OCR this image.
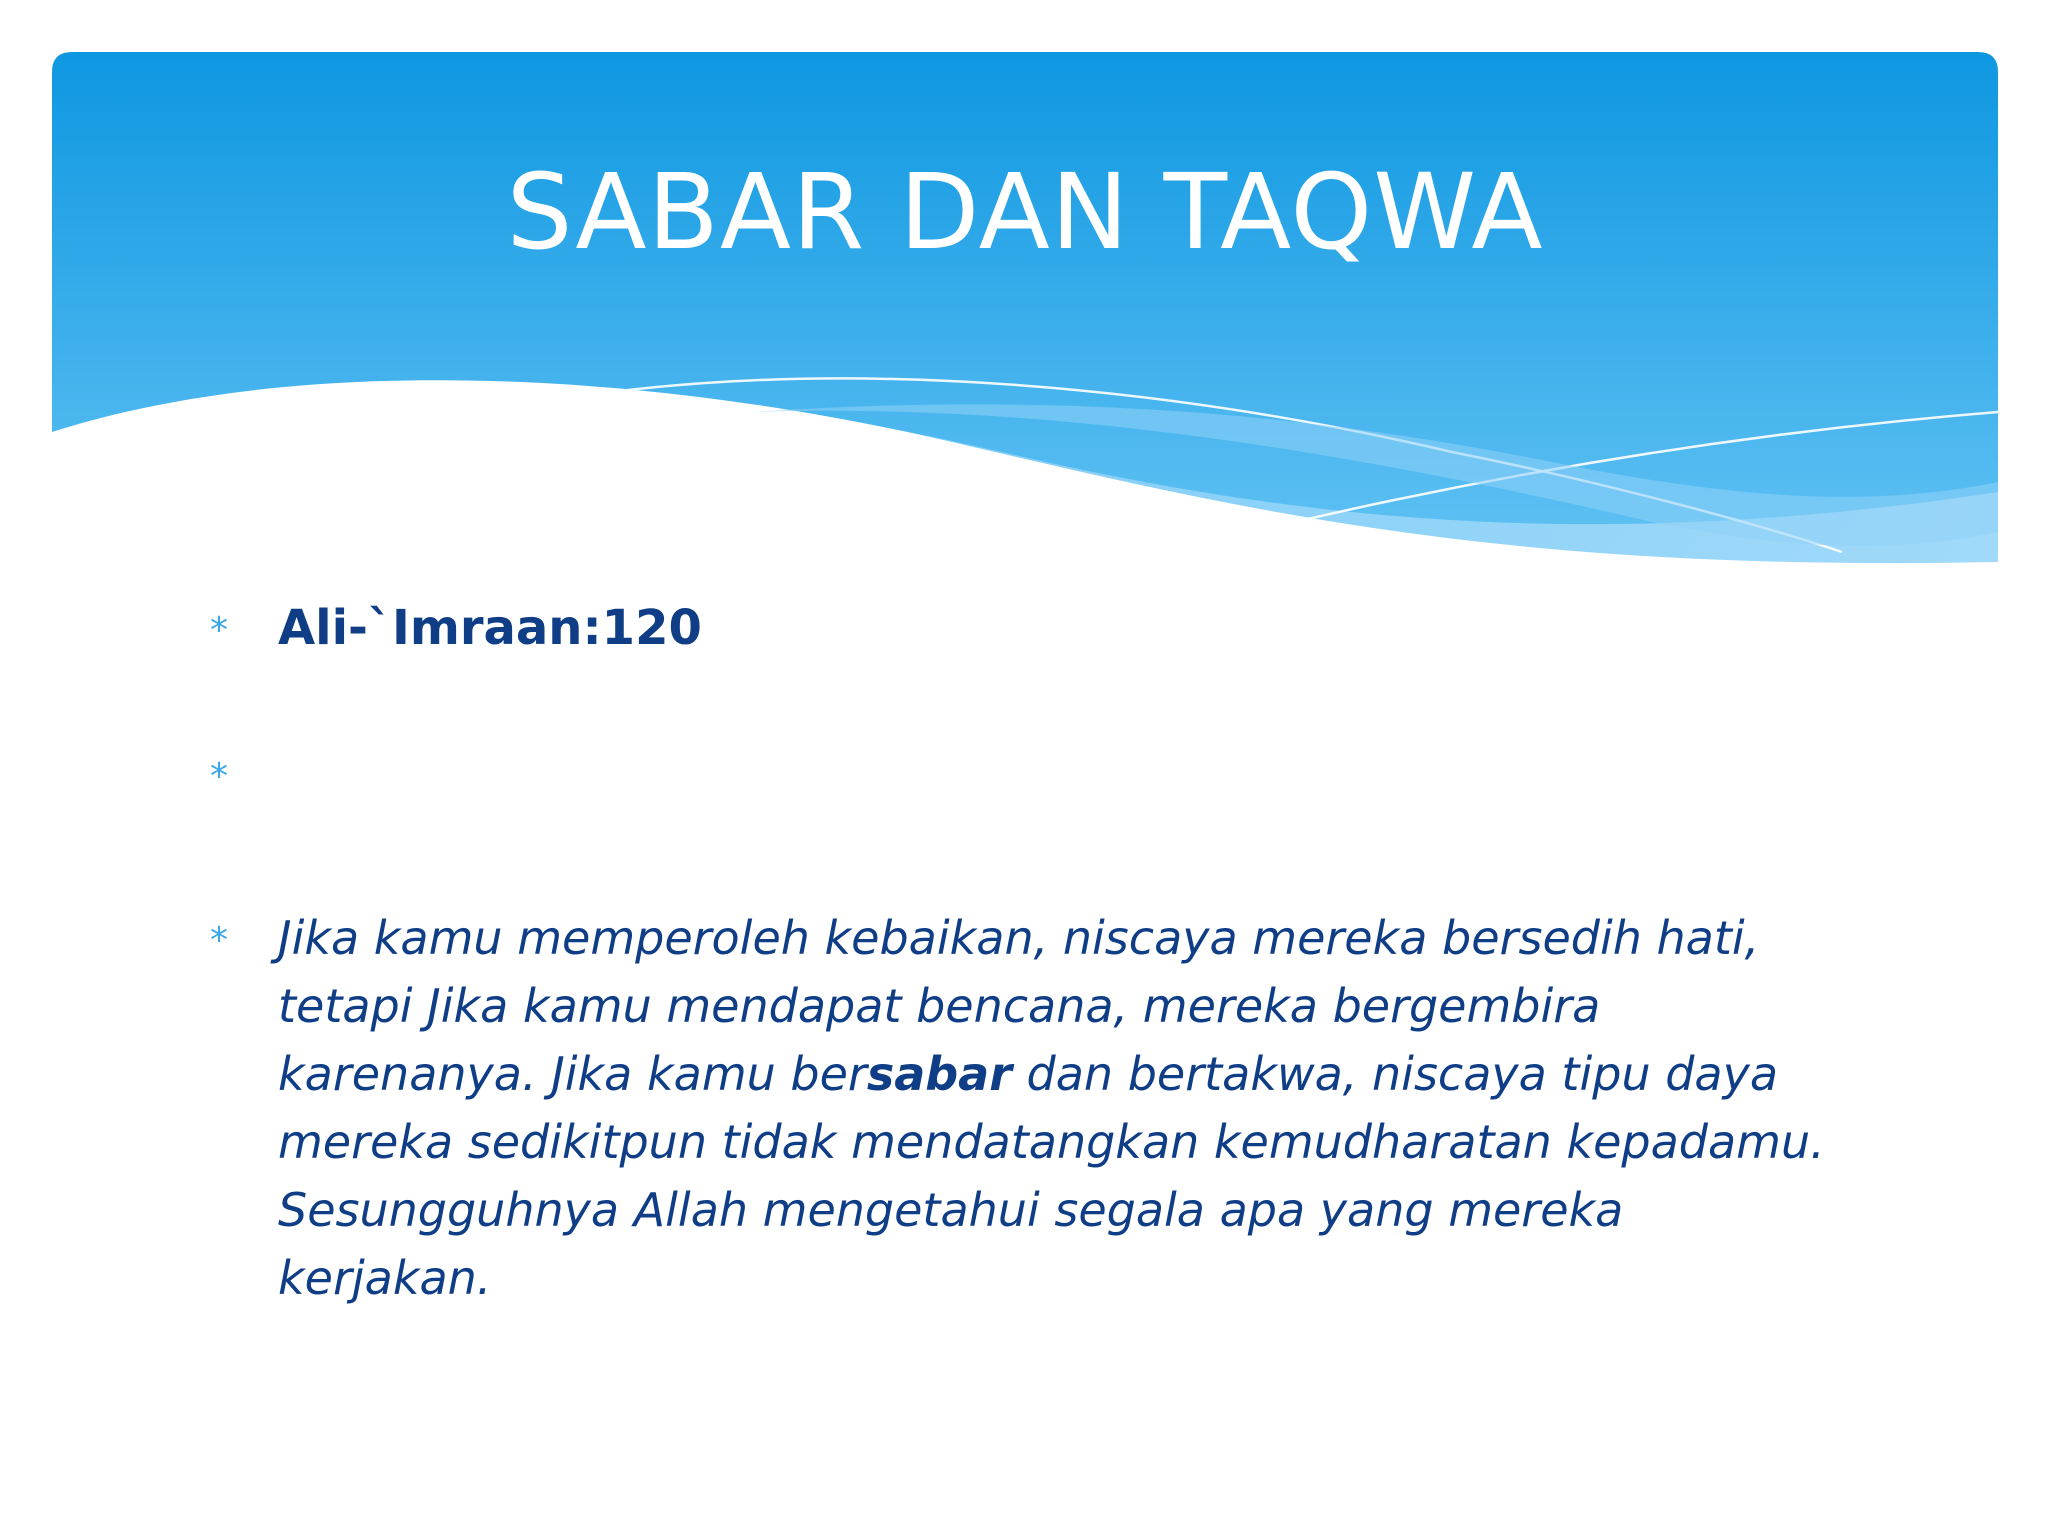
SABAR DAN TAQWA
* Ali-`Imraan:120
*
* Jika kamu memperoleh kebaikan, niscaya mereka bersedih hati, tetapi Jika kamu mendapat bencana, mereka bergembira karenanya. Jika kamu bersabar dan bertakwa, niscaya tipu daya mereka sedikitpun tidak mendatangkan kemudharatan kepadamu. Sesungguhnya Allah mengetahui segala apa yang mereka kerjakan.
